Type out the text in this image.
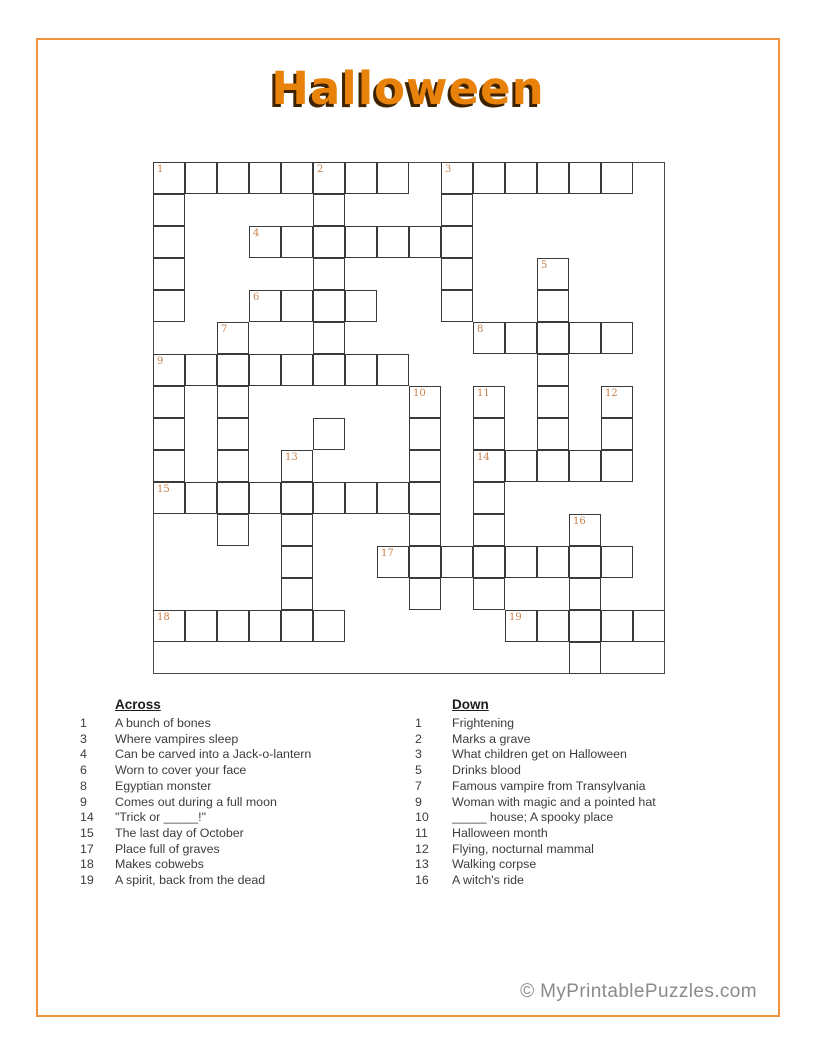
Halloween
1	2	3
4
5
6
7	8
9
10	11	12
13	14
15
16
17
18	19

Across

1	A bunch of bones
3	Where vampires sleep
4	Can be carved into a Jack-o-lantern
6	Worn to cover your face
8	Egyptian monster
9	Comes out during a full moon
14	"Trick or _____!"
15	The last day of October
17	Place full of graves
18	Makes cobwebs
19	A spirit, back from the dead

Down

1	Frightening
2	Marks a grave
3	What children get on Halloween
5	Drinks blood
7	Famous vampire from Transylvania
9	Woman with magic and a pointed hat
10	_____ house; A spooky place
11	Halloween month
12	Flying, nocturnal mammal
13	Walking corpse
16	A witch's ride
© MyPrintablePuzzles.com
